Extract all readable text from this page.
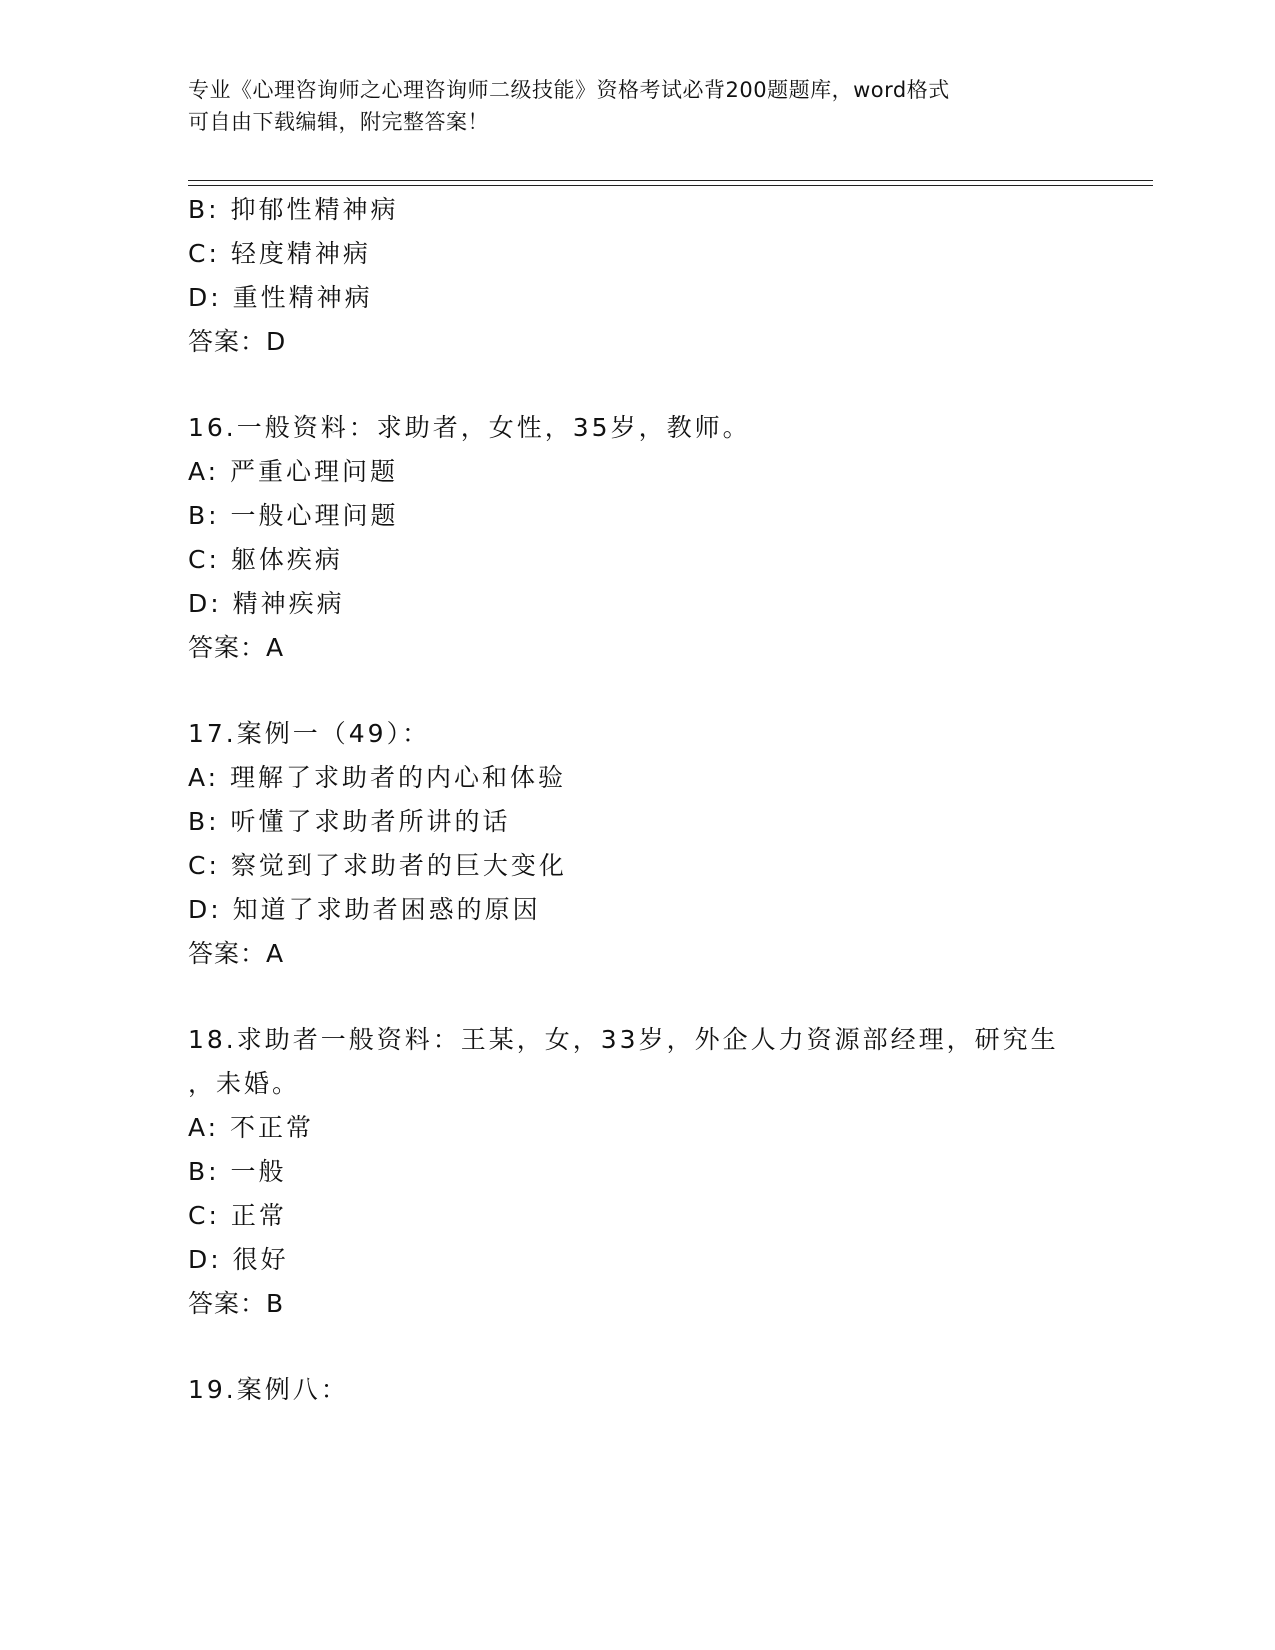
专业《心理咨询师之心理咨询师二级技能》资格考试必背200题题库，word格式
可自由下载编辑，附完整答案！
B: 抑郁性精神病
C: 轻度精神病
D: 重性精神病
答案：D
16.一般资料：求助者，女性，35岁，教师。
A: 严重心理问题
B: 一般心理问题
C: 躯体疾病
D: 精神疾病
答案：A
17.案例一（49）：
A: 理解了求助者的内心和体验
B: 听懂了求助者所讲的话
C: 察觉到了求助者的巨大变化
D: 知道了求助者困惑的原因
答案：A
18.求助者一般资料：王某，女，33岁，外企人力资源部经理，研究生
，未婚。
A: 不正常
B: 一般
C: 正常
D: 很好
答案：B
19.案例八：
